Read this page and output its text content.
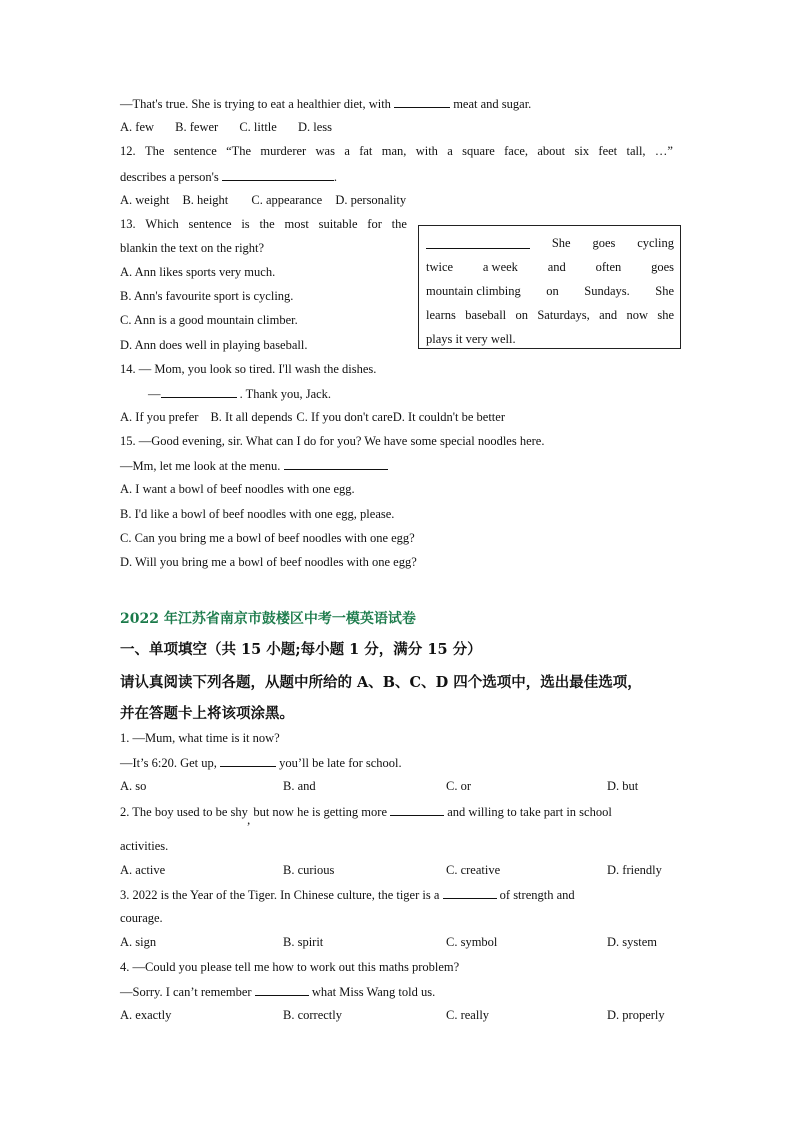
—That's true. She is trying to eat a healthier diet, with	meat and sugar.
A. few B. fewer C. little D. less
12. The sentence “The murderer was a fat man, with a square face, about six feet tall, …”
describes a person's	.
A. weight B. height C. appearance D. personality
13. Which sentence is the most suitable for the
blankin the text on the right?
A. Ann likes sports very much.
B. Ann's favourite sport is cycling.
C. Ann is a good mountain climber.
D. Ann does well in playing baseball.
She goes cycling
twice a week and often goes
mountain climbing on Sundays. She
learns baseball on Saturdays, and now she
plays it very well.
14. — Mom, you look so tired. I'll wash the dishes.
—	. Thank you, Jack.
A. If you prefer B. It all depends C. If you don't careD. It couldn't be better
15. —Good evening, sir. What can I do for you? We have some special noodles here.
—Mm, let me look at the menu.
A. I want a bowl of beef noodles with one egg.
B. I'd like a bowl of beef noodles with one egg, please.
C. Can you bring me a bowl of beef noodles with one egg?
D. Will you bring me a bowl of beef noodles with one egg?
2022 年江苏省南京市鼓楼区中考一模英语试卷
一、单项填空（共 15 小题;每小题 1 分，满分 15 分）
请认真阅读下列各题，从题中所给的 A、B、C、D 四个选项中，选出最佳选项，
并在答题卡上将该项涂黑。
1. —Mum, what time is it now?
—It’s 6:20. Get up,	you’ll be late for school.
A. so	B. and	C. or	D. but
2. The boy used to be shy, but now he is getting more	and willing to take part in school
activities.
A. active	B. curious	C. creative	D. friendly
3. 2022 is the Year of the Tiger. In Chinese culture, the tiger is a	of strength and
courage.
A. sign	B. spirit	C. symbol	D. system
4. —Could you please tell me how to work out this maths problem?
—Sorry. I can’t remember	what Miss Wang told us.
A. exactly	B. correctly	C. really	D. properly
